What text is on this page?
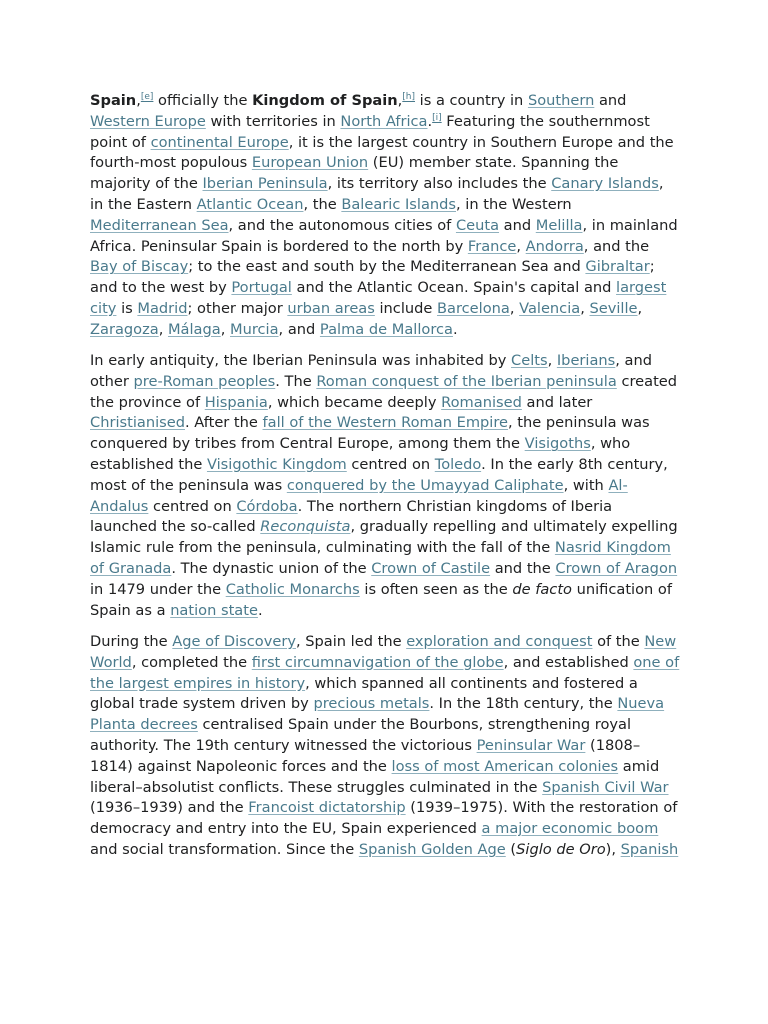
Spain,[e] officially the Kingdom of Spain,[h] is a country in Southern and Western Europe with territories in North Africa.[i] Featuring the southernmost point of continental Europe, it is the largest country in Southern Europe and the fourth-most populous European Union (EU) member state. Spanning the majority of the Iberian Peninsula, its territory also includes the Canary Islands, in the Eastern Atlantic Ocean, the Balearic Islands, in the Western Mediterranean Sea, and the autonomous cities of Ceuta and Melilla, in mainland Africa. Peninsular Spain is bordered to the north by France, Andorra, and the Bay of Biscay; to the east and south by the Mediterranean Sea and Gibraltar; and to the west by Portugal and the Atlantic Ocean. Spain's capital and largest city is Madrid; other major urban areas include Barcelona, Valencia, Seville, Zaragoza, Málaga, Murcia, and Palma de Mallorca.

In early antiquity, the Iberian Peninsula was inhabited by Celts, Iberians, and other pre-Roman peoples. The Roman conquest of the Iberian peninsula created the province of Hispania, which became deeply Romanised and later Christianised. After the fall of the Western Roman Empire, the peninsula was conquered by tribes from Central Europe, among them the Visigoths, who established the Visigothic Kingdom centred on Toledo. In the early 8th century, most of the peninsula was conquered by the Umayyad Caliphate, with Al-Andalus centred on Córdoba. The northern Christian kingdoms of Iberia launched the so-called Reconquista, gradually repelling and ultimately expelling Islamic rule from the peninsula, culminating with the fall of the Nasrid Kingdom of Granada. The dynastic union of the Crown of Castile and the Crown of Aragon in 1479 under the Catholic Monarchs is often seen as the de facto unification of Spain as a nation state.

During the Age of Discovery, Spain led the exploration and conquest of the New World, completed the first circumnavigation of the globe, and established one of the largest empires in history, which spanned all continents and fostered a global trade system driven by precious metals. In the 18th century, the Nueva Planta decrees centralised Spain under the Bourbons, strengthening royal authority. The 19th century witnessed the victorious Peninsular War (1808–1814) against Napoleonic forces and the loss of most American colonies amid liberal–absolutist conflicts. These struggles culminated in the Spanish Civil War (1936–1939) and the Francoist dictatorship (1939–1975). With the restoration of democracy and entry into the EU, Spain experienced a major economic boom and social transformation. Since the Spanish Golden Age (Siglo de Oro), Spanish
